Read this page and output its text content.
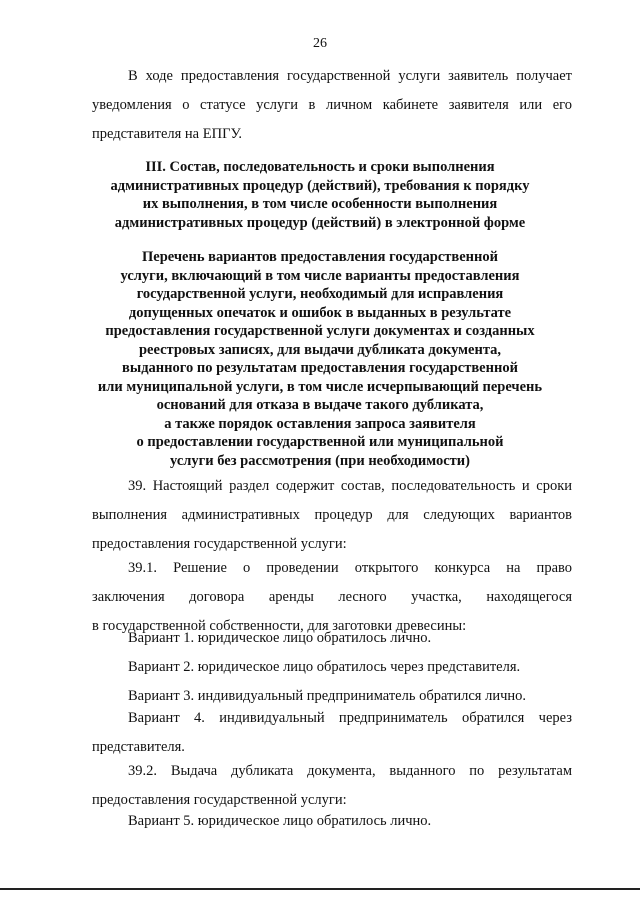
26
В ходе предоставления государственной услуги заявитель получает
уведомления о статусе услуги в личном кабинете заявителя или его
представителя на ЕПГУ.
III. Состав, последовательность и сроки выполнения
административных процедур (действий), требования к порядку
их выполнения, в том числе особенности выполнения
административных процедур (действий) в электронной форме
Перечень вариантов предоставления государственной
услуги, включающий в том числе варианты предоставления
государственной услуги, необходимый для исправления
допущенных опечаток и ошибок в выданных в результате
предоставления государственной услуги документах и созданных
реестровых записях, для выдачи дубликата документа,
выданного по результатам предоставления государственной
или муниципальной услуги, в том числе исчерпывающий перечень
оснований для отказа в выдаче такого дубликата,
а также порядок оставления запроса заявителя
о предоставлении государственной или муниципальной
услуги без рассмотрения (при необходимости)
39. Настоящий раздел содержит состав, последовательность и сроки
выполнения административных процедур для следующих вариантов
предоставления государственной услуги:
39.1. Решение о проведении открытого конкурса на право
заключения договора аренды лесного участка, находящегося
в государственной собственности, для заготовки древесины:
Вариант 1. юридическое лицо обратилось лично.
Вариант 2. юридическое лицо обратилось через представителя.
Вариант 3. индивидуальный предприниматель обратился лично.
Вариант 4. индивидуальный предприниматель обратился через
представителя.
39.2. Выдача дубликата документа, выданного по результатам
предоставления государственной услуги:
Вариант 5. юридическое лицо обратилось лично.
